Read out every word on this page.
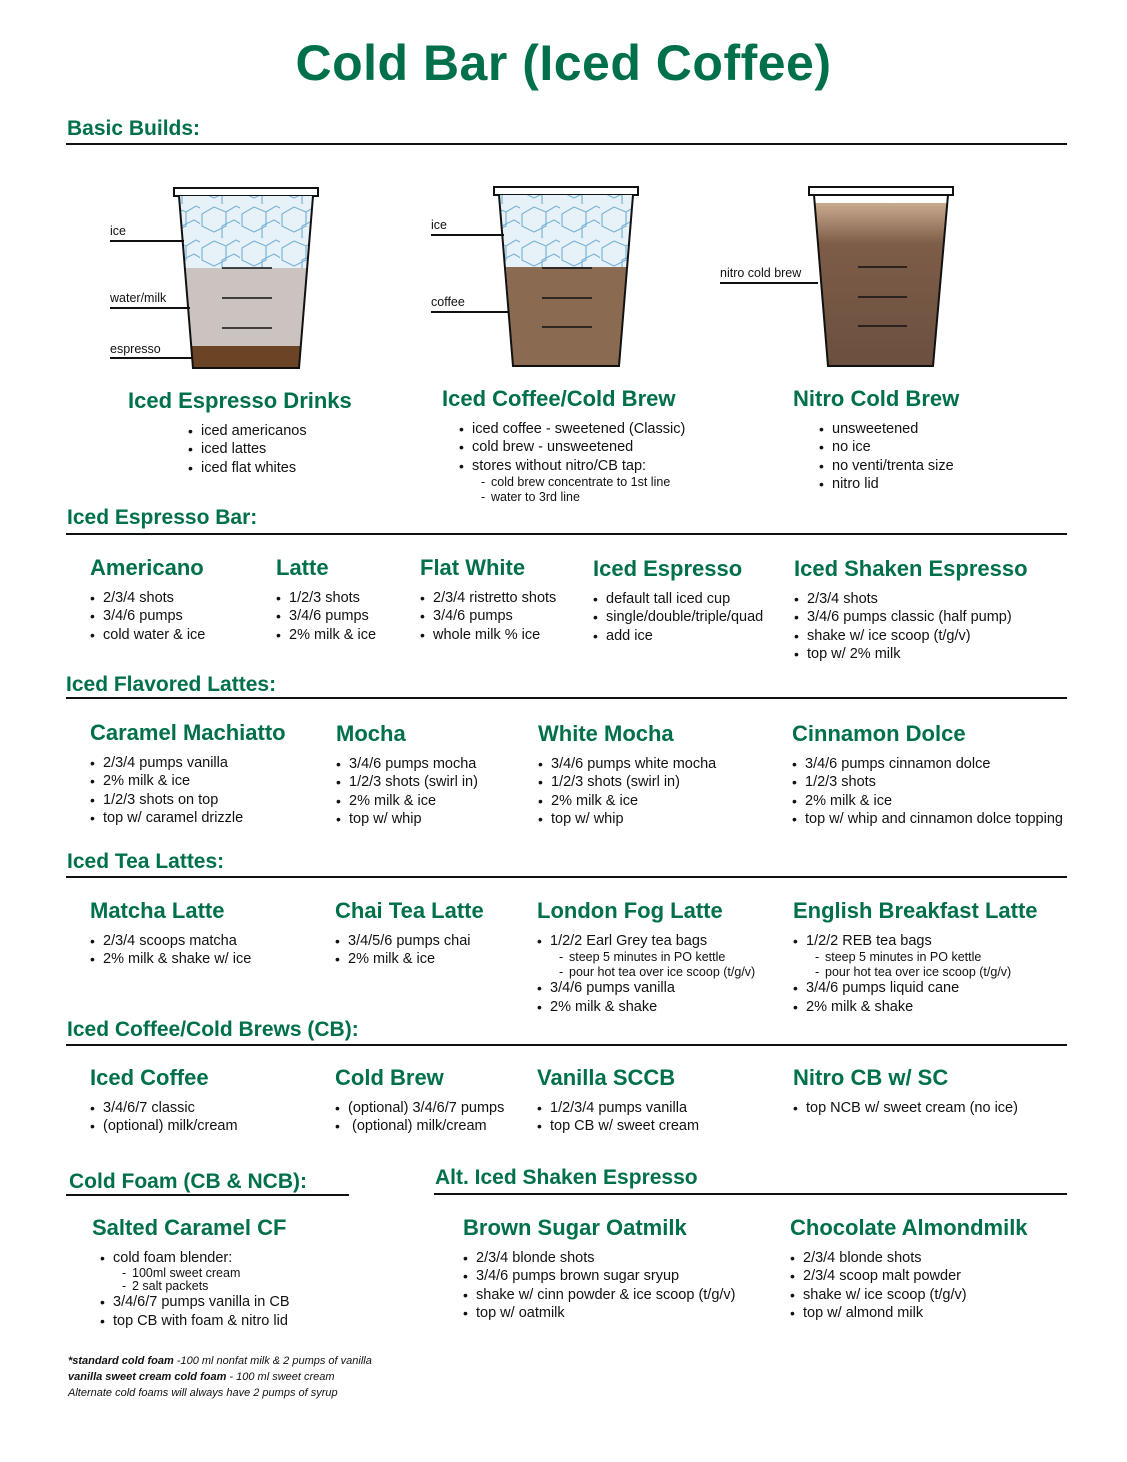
Cold Bar (Iced Coffee)
Basic Builds:
ice
water/milk
espresso
ice
coffee
nitro cold brew
Iced Espresso Drinks
• iced americanos
• iced lattes
• iced flat whites
Iced Coffee/Cold Brew
• iced coffee - sweetened (Classic)
• cold brew - unsweetened
• stores without nitro/CB tap:
- cold brew concentrate to 1st line
- water to 3rd line
Nitro Cold Brew
• unsweetened
• no ice
• no venti/trenta size
• nitro lid
Iced Espresso Bar:
Americano
• 2/3/4 shots
• 3/4/6 pumps
• cold water & ice
Latte
• 1/2/3 shots
• 3/4/6 pumps
• 2% milk & ice
Flat White
• 2/3/4 ristretto shots
• 3/4/6 pumps
• whole milk % ice
Iced Espresso
• default tall iced cup
• single/double/triple/quad
• add ice
Iced Shaken Espresso
• 2/3/4 shots
• 3/4/6 pumps classic (half pump)
• shake w/ ice scoop (t/g/v)
• top w/ 2% milk
Iced Flavored Lattes:
Caramel Machiatto
• 2/3/4 pumps vanilla
• 2% milk & ice
• 1/2/3 shots on top
• top w/ caramel drizzle
Mocha
• 3/4/6 pumps mocha
• 1/2/3 shots (swirl in)
• 2% milk & ice
• top w/ whip
White Mocha
• 3/4/6 pumps white mocha
• 1/2/3 shots (swirl in)
• 2% milk & ice
• top w/ whip
Cinnamon Dolce
• 3/4/6 pumps cinnamon dolce
• 1/2/3 shots
• 2% milk & ice
• top w/ whip and cinnamon dolce topping
Iced Tea Lattes:
Matcha Latte
• 2/3/4 scoops matcha
• 2% milk & shake w/ ice
Chai Tea Latte
• 3/4/5/6 pumps chai
• 2% milk & ice
London Fog Latte
• 1/2/2 Earl Grey tea bags
- steep 5 minutes in PO kettle
- pour hot tea over ice scoop (t/g/v)
• 3/4/6 pumps vanilla
• 2% milk & shake
English Breakfast Latte
• 1/2/2 REB tea bags
- steep 5 minutes in PO kettle
- pour hot tea over ice scoop (t/g/v)
• 3/4/6 pumps liquid cane
• 2% milk & shake
Iced Coffee/Cold Brews (CB):
Iced Coffee
• 3/4/6/7 classic
• (optional) milk/cream
Cold Brew
• (optional) 3/4/6/7 pumps
•  (optional) milk/cream
Vanilla SCCB
• 1/2/3/4 pumps vanilla
• top CB w/ sweet cream
Nitro CB w/ SC
• top NCB w/ sweet cream (no ice)
Cold Foam (CB & NCB):
Salted Caramel CF
• cold foam blender:
- 100ml sweet cream
- 2 salt packets
• 3/4/6/7 pumps vanilla in CB
• top CB with foam & nitro lid
*standard cold foam -100 ml nonfat milk & 2 pumps of vanilla
vanilla sweet cream cold foam - 100 ml sweet cream
Alternate cold foams will always have 2 pumps of syrup
Alt. Iced Shaken Espresso
Brown Sugar Oatmilk
• 2/3/4 blonde shots
• 3/4/6 pumps brown sugar sryup
• shake w/ cinn powder & ice scoop (t/g/v)
• top w/ oatmilk
Chocolate Almondmilk
• 2/3/4 blonde shots
• 2/3/4 scoop malt powder
• shake w/ ice scoop (t/g/v)
• top w/ almond milk
